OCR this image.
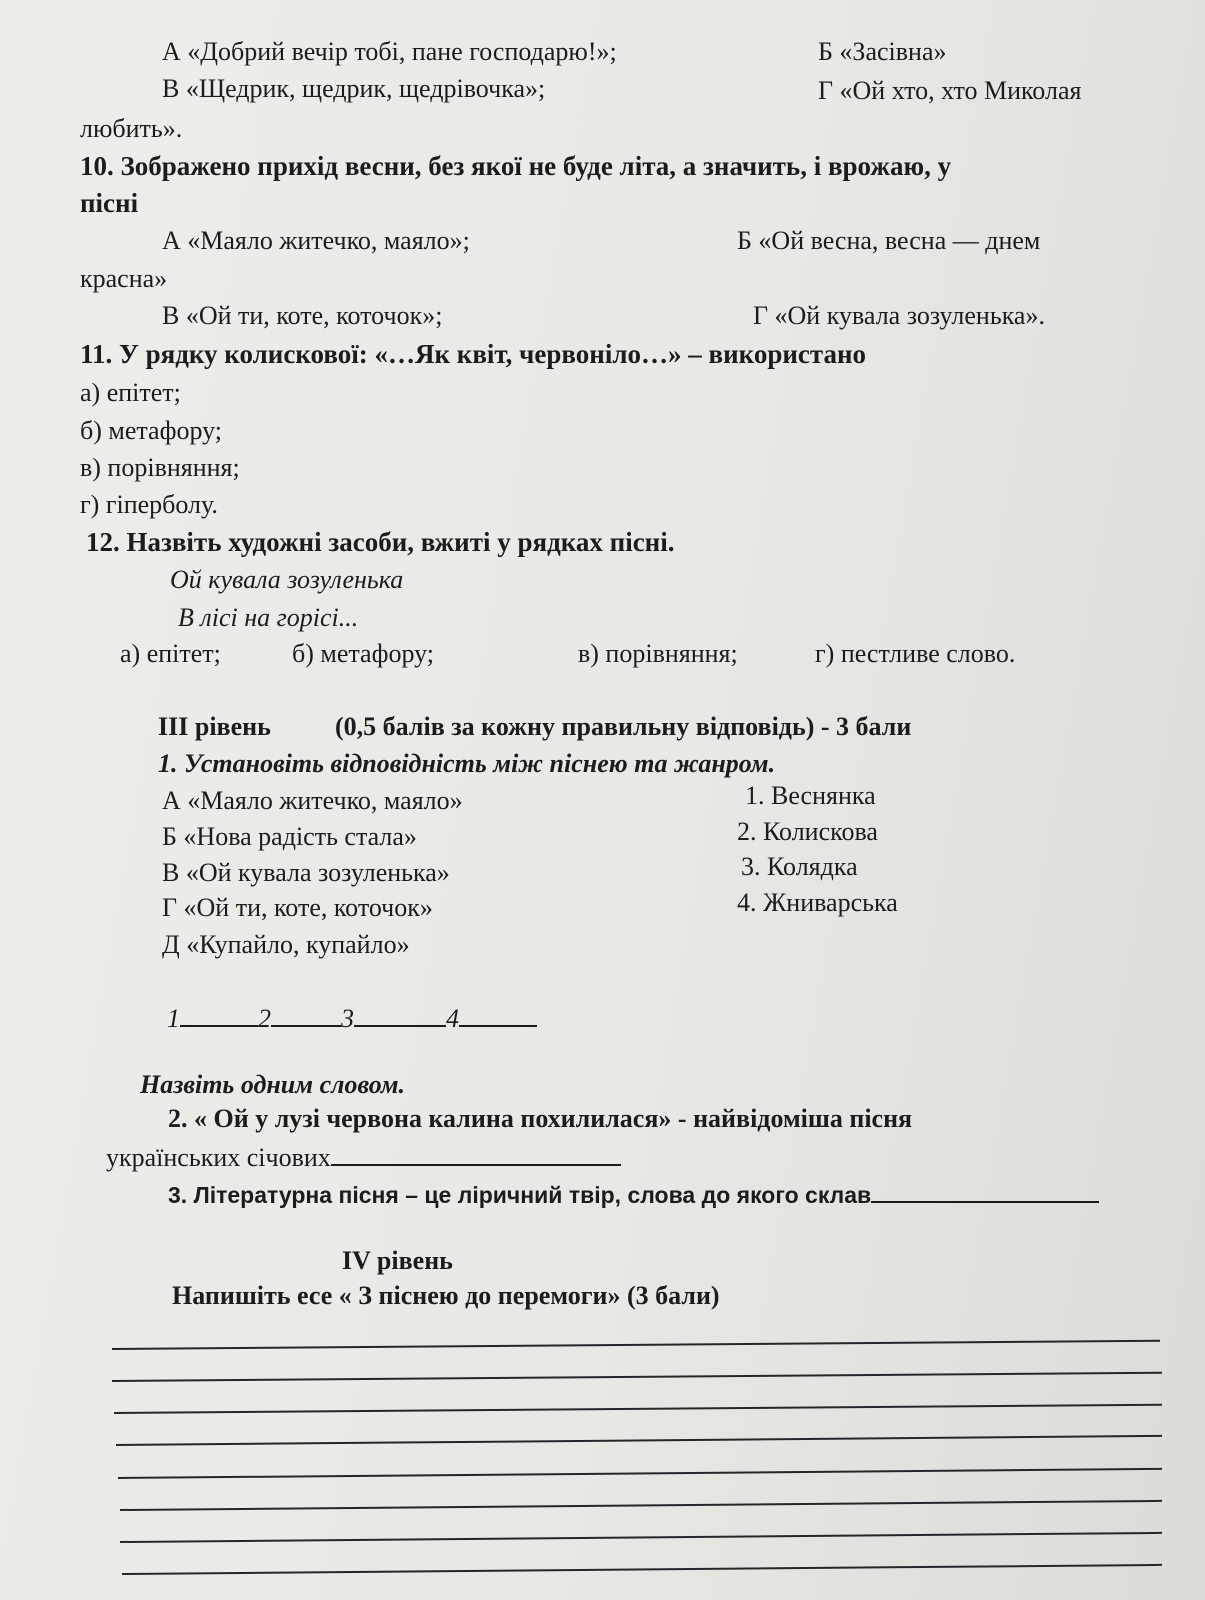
А «Добрий вечір тобі, пане господарю!»;	Б «Засівна»
В «Щедрик, щедрик, щедрівочка»;	Г «Ой хто, хто Миколая
любить».
10. Зображено прихід весни, без якої не буде літа, а значить, і врожаю, у
пісні
А «Маяло житечко, маяло»;	Б «Ой весна, весна — днем
красна»
В «Ой ти, коте, коточок»;	Г «Ой кувала зозуленька».
11. У рядку колискової: «…Як квіт, червоніло…» – використано
а) епітет;
б) метафору;
в) порівняння;
г) гіперболу.
12. Назвіть художні засоби, вжиті у рядках пісні.
Ой кувала зозуленька
В лісі на горісі...
а) епітет;	б) метафору;	в) порівняння;	г) пестливе слово.
ІІІ рівень (0,5 балів за кожну правильну відповідь) - 3 бали
1. Установіть відповідність між піснею та жанром.
А «Маяло житечко, маяло»
Б «Нова радість стала»
В «Ой кувала зозуленька»
Г «Ой ти, коте, коточок»
Д «Купайло, купайло»
1. Веснянка
2. Колискова
3. Колядка
4. Жниварська
1	2	3	4
Назвіть одним словом.
2. « Ой у лузі червона калина похилилася» - найвідоміша пісня
українських січовиx
3. Літературна пісня – це ліричний твір, слова до якого склав
IV рівень
Напишіть есе « З піснею до перемоги» (3 бали)
